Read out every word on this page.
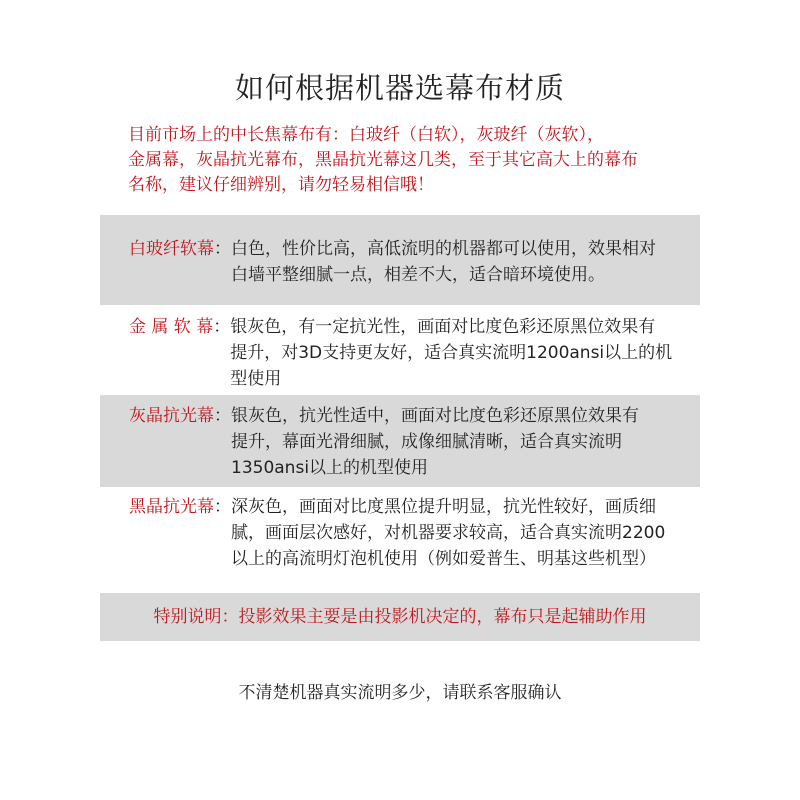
如何根据机器选幕布材质

目前市场上的中长焦幕布有：白玻纤（白软），灰玻纤（灰软），

金属幕，灰晶抗光幕布，黑晶抗光幕这几类，至于其它高大上的幕布

名称，建议仔细辨别，请勿轻易相信哦！

白玻纤软幕 ： 白色，性价比高，高低流明的机器都可以使用，效果相对

白墙平整细腻一点，相差不大，适合暗环境使用。

金 属 软 幕 ： 银灰色，有一定抗光性，画面对比度色彩还原黑位效果有

提升，对3D支持更友好，适合真实流明1200ansi以上的机

型使用

灰晶抗光幕 ： 银灰色，抗光性适中，画面对比度色彩还原黑位效果有

提升，幕面光滑细腻，成像细腻清晰，适合真实流明

1350ansi以上的机型使用

黑晶抗光幕 ： 深灰色，画面对比度黑位提升明显，抗光性较好，画质细

腻，画面层次感好，对机器要求较高，适合真实流明2200

以上的高流明灯泡机使用（例如爱普生、明基这些机型）

特别说明：投影效果主要是由投影机决定的，幕布只是起辅助作用
不清楚机器真实流明多少，请联系客服确认
